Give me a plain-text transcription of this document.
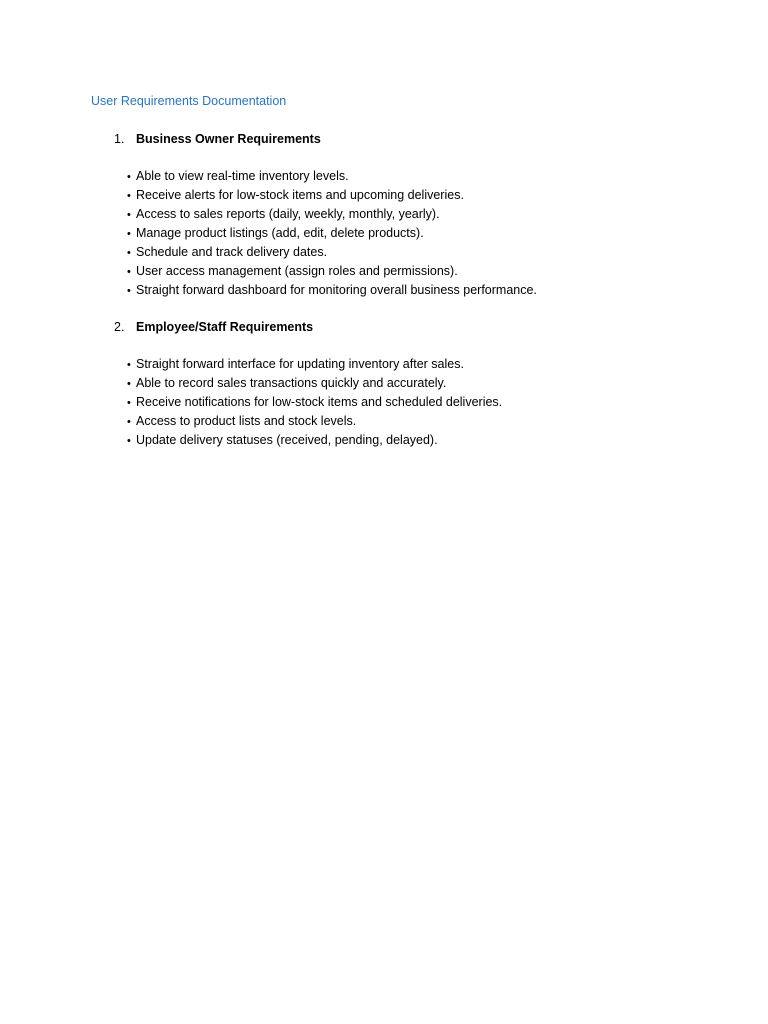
User Requirements Documentation
1. Business Owner Requirements
• Able to view real-time inventory levels.
• Receive alerts for low-stock items and upcoming deliveries.
• Access to sales reports (daily, weekly, monthly, yearly).
• Manage product listings (add, edit, delete products).
• Schedule and track delivery dates.
• User access management (assign roles and permissions).
• Straight forward dashboard for monitoring overall business performance.
2. Employee/Staff Requirements
• Straight forward interface for updating inventory after sales.
• Able to record sales transactions quickly and accurately.
• Receive notifications for low-stock items and scheduled deliveries.
• Access to product lists and stock levels.
• Update delivery statuses (received, pending, delayed).
